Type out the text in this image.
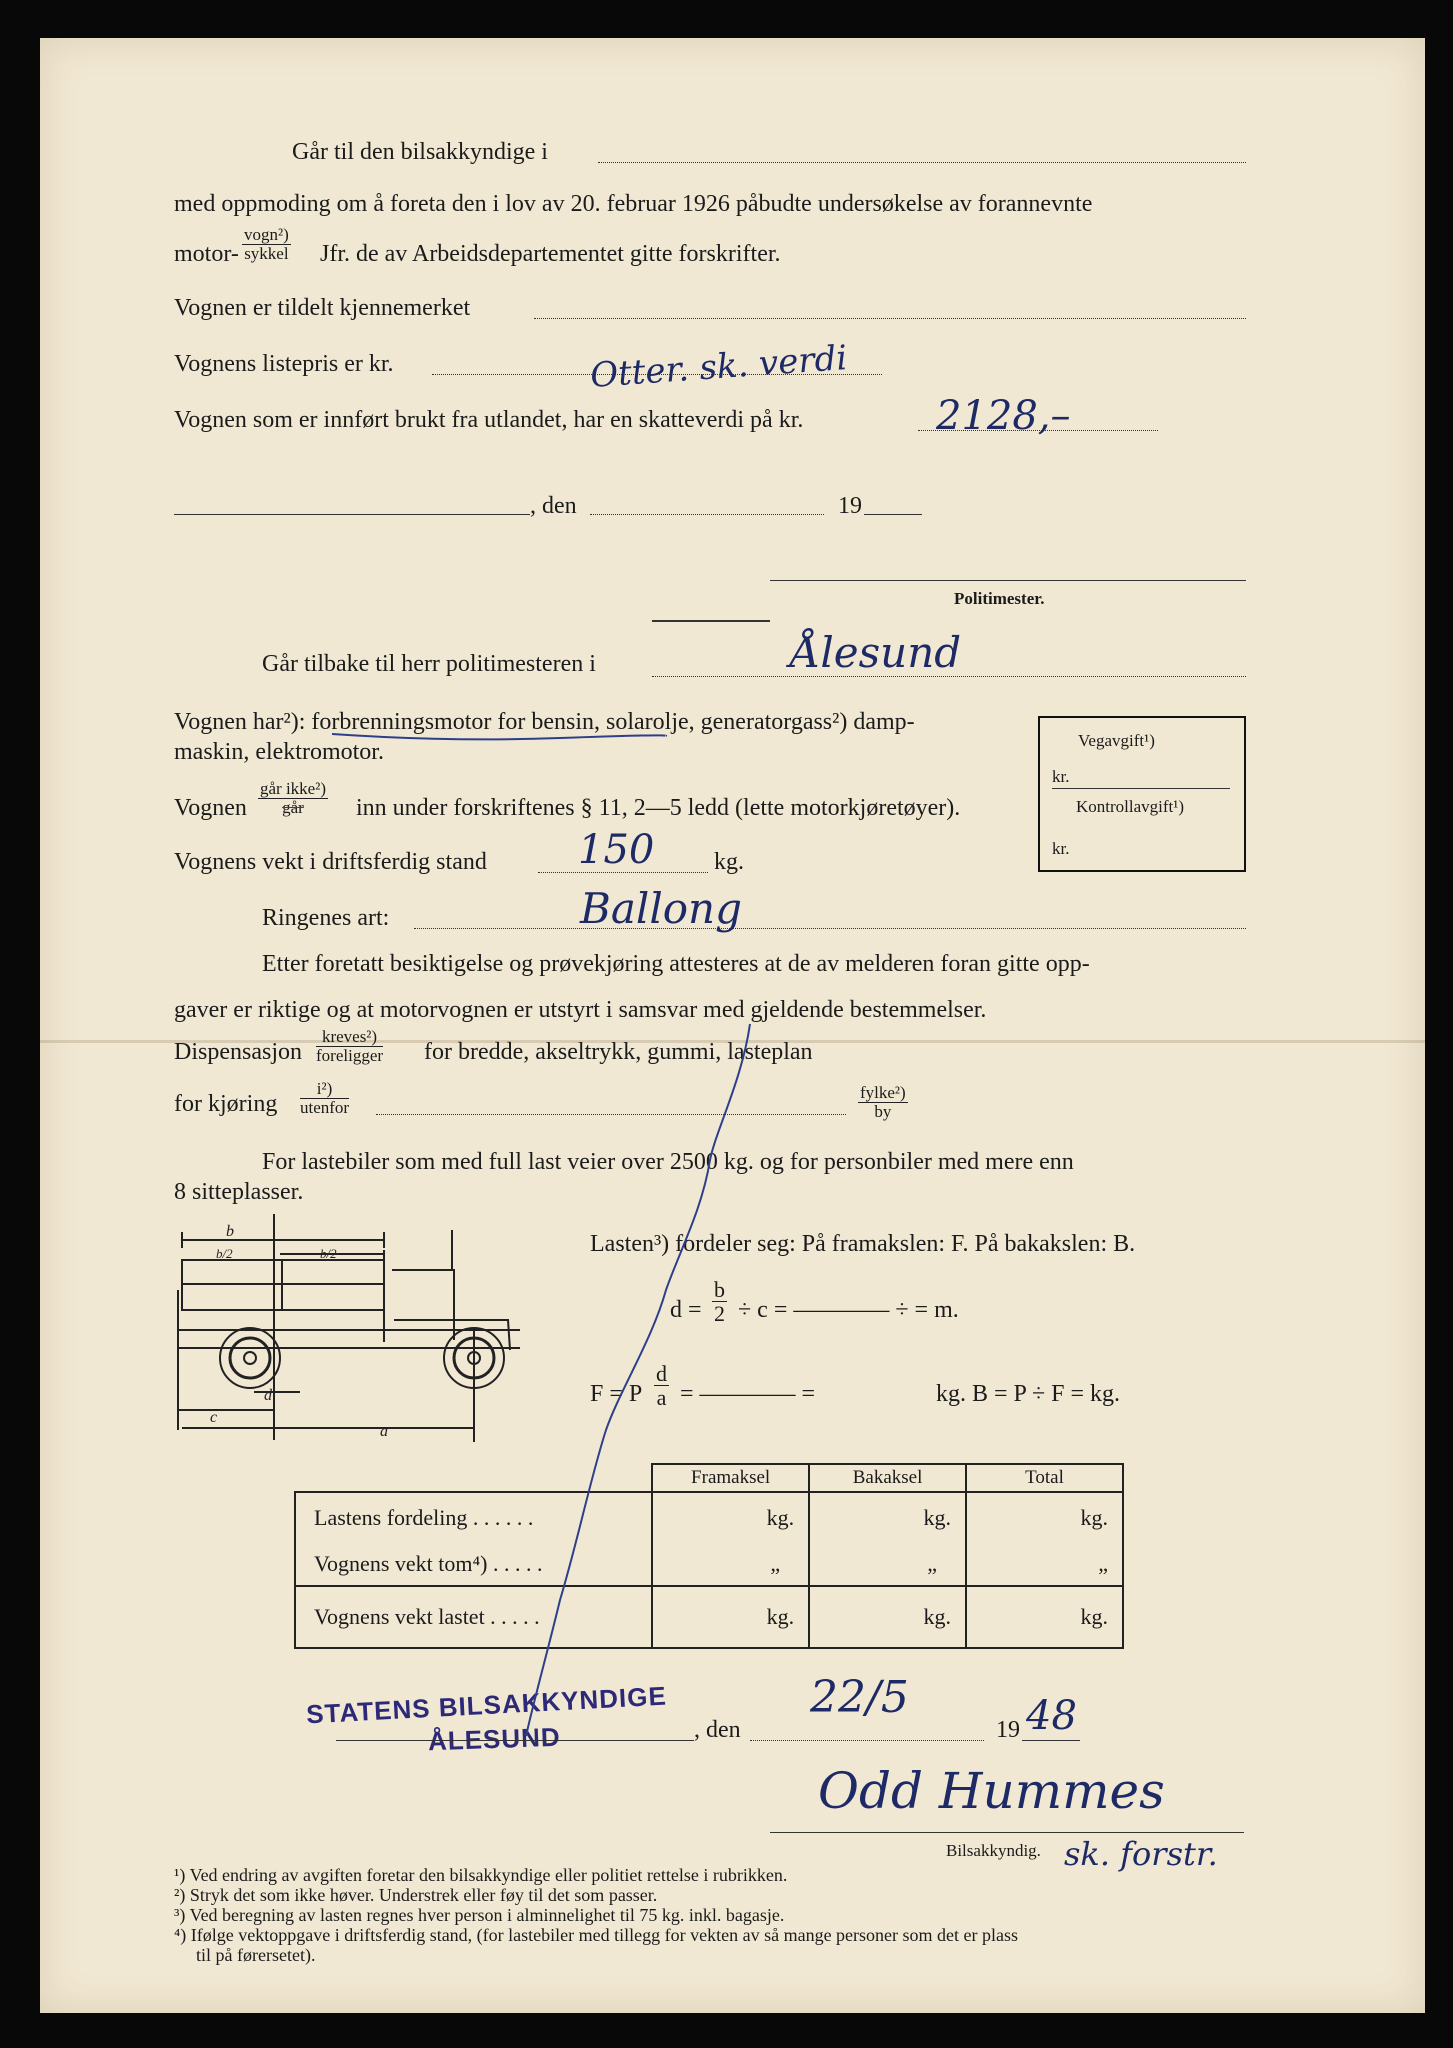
Går til den bilsakkyndige i
med oppmoding om å foreta den i lov av 20. februar 1926 påbudte undersøkelse av forannevnte
motor-
vogn²)
sykkel Jfr. de av Arbeidsdepartementet gitte forskrifter.
Vognen er tildelt kjennemerket
Vognens listepris er kr.	Otter. sk. verdi
Vognen som er innført brukt fra utlandet, har en skatteverdi på kr.	2128,–
, den	19
Politimester.
Går tilbake til herr politimesteren i	Ålesund
Vognen har²): forbrenningsmotor for bensin, solarolje, generatorgass²) damp-
maskin, elektromotor.
Vognen
går ikke²)
går	inn under forskriftenes § 11, 2—5 ledd (lette motorkjøretøyer).
Vognens vekt i driftsferdig stand 150 kg.
Ringenes art:	Ballong
Etter foretatt besiktigelse og prøvekjøring attesteres at de av melderen foran gitte opp-
gaver er riktige og at motorvognen er utstyrt i samsvar med gjeldende bestemmelser.
Dispensasjon
kreves²)
foreligger for bredde, akseltrykk, gummi, lasteplan
for kjøring
i²)
utenfor
fylke²)
by
For lastebiler som med full last veier over 2500 kg. og for personbiler med mere enn
8 sitteplasser.
Vegavgift¹)
kr.
Kontrollavgift¹)
kr.
b
b/2	b/2
d
c
a
Lasten³) fordeler seg: På framakslen: F. På bakakslen: B.
$d = \frac{b}{2} \div c$ = ———— ÷ = m.
F = P $\frac{d}{a}$ = ———— =	kg. B = P ÷ F = kg.
	Framaksel	Bakaksel	Total
Lastens fordeling . . . . . .	kg.	kg.	kg.
Vognens vekt tom⁴) . . . . .	„	„	„
Vognens vekt lastet . . . . .	kg.	kg.	kg.
STATENS BILSAKKYNDIGE
ÅLESUND	, den
22/5
19 48
Odd Hummes
Bilsakkyndig. sk. forstr.
¹) Ved endring av avgiften foretar den bilsakkyndige eller politiet rettelse i rubrikken.
²) Stryk det som ikke høver. Understrek eller føy til det som passer.
³) Ved beregning av lasten regnes hver person i alminnelighet til 75 kg. inkl. bagasje.
⁴) Ifølge vektoppgave i driftsferdig stand, (for lastebiler med tillegg for vekten av så mange personer som det er plass
til på førersetet).
